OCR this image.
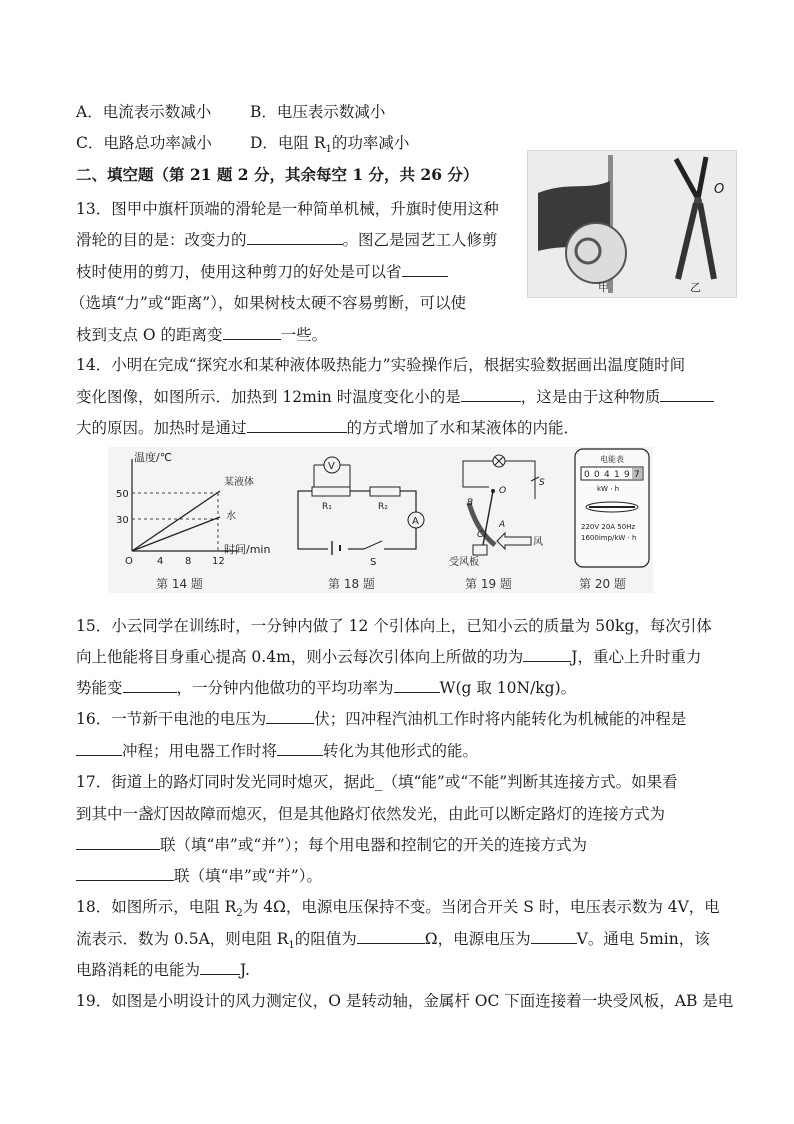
A．电流表示数减小	B．电压表示数减小
C．电路总功率减小 D．电阻 $R_1$的功率减小
二、填空题（第 21 题 2 分，其余每空 1 分，共 26 分）
13．图甲中旗杆顶端的滑轮是一种简单机械，升旗时使用这种
滑轮的目的是：改变力的	。图乙是园艺工人修剪
枝时使用的剪刀，使用这种剪刀的好处是可以省
（选填“力”或“距离”），如果树枝太硬不容易剪断，可以使
枝到支点 O 的距离变	一些。
O
甲	乙
14．小明在完成“探究水和某种液体吸热能力”实验操作后，根据实验数据画出温度随时间
变化图像，如图所示．加热到 12min 时温度变化小的是	，这是由于这种物质
大的原因。加热时是通过	的方式增加了水和某液体的内能．
温度/℃
某液体
水
50
30
O 4 8 12
时间/min
第 14 题
V
R₁	R₂
A
S
第 18 题
S
B
O
A
C
受风板
风
第 19 题
电能表
0 0 4 1 9 7
kW · h
220V 20A 50Hz
1600imp/kW · h
第 20 题
15．小云同学在训练时，一分钟内做了 12 个引体向上，已知小云的质量为 50kg，每次引体
向上他能将目身重心提高 0.4m，则小云每次引体向上所做的功为	J，重心上升时重力
势能变	，一分钟内他做功的平均功率为	W(g 取 10N/kg)。
16．一节新干电池的电压为	伏；四冲程汽油机工作时将内能转化为机械能的冲程是
冲程；用电器工作时将	转化为其他形式的能。
17．街道上的路灯同时发光同时熄灭，据此_（填“能”或“不能”判断其连接方式。如果看
到其中一盏灯因故障而熄灭，但是其他路灯依然发光，由此可以断定路灯的连接方式为
联（填“串”或“并”）；每个用电器和控制它的开关的连接方式为
联（填“串”或“并”）。
18．如图所示，电阻 $R_2$为 4Ω，电源电压保持不变。当闭合开关 S 时，电压表示数为 4V，电
流表示．数为 0.5A，则电阻 $R_1$的阻值为	Ω，电源电压为	V。通电 5min，该
电路消耗的电能为	J.
19．如图是小明设计的风力测定仪，O 是转动轴，金属杆 OC 下面连接着一块受风板，AB 是电
